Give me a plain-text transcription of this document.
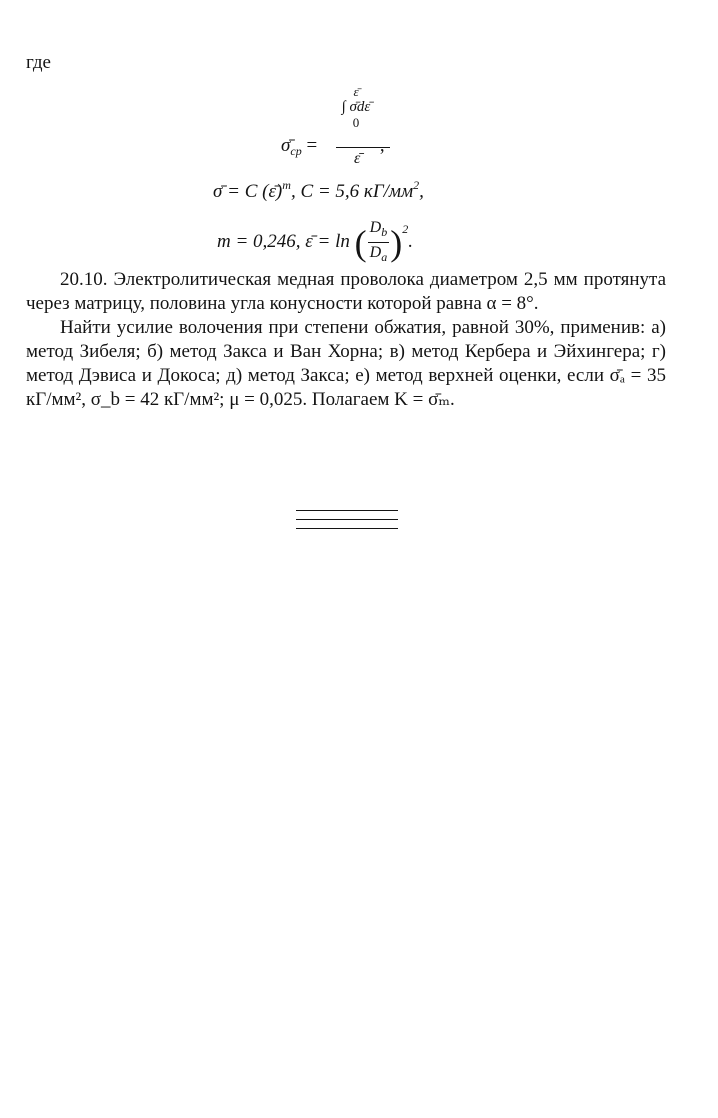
где
ε̄
∫ σ̄dε̄
0
ε̄
$\sigmā_{ср}$ =	,
σ̄ = C (ε̄)$^m$, C = 5,6 $кГ/мм^2$,
m = 0,246, ε̄ = ln ( $\frac{D_b}{D_a} )^2$.

20.10. Электролитическая медная проволока диаметром 2,5 мм протянута через матрицу, половина угла конусности которой равна α = 8°.

Найти усилие волочения при степени обжатия, равной 30%, применив: а) метод Зибеля; б) метод Закса и Ван Хорна; в) метод Кербера и Эйхингера; г) метод Дэвиса и Докоса; д) метод Закса; е) метод верхней оценки, если σ̄ₐ = 35 кГ/мм², σ_b = 42 кГ/мм²; μ = 0,025. Полагаем K = σ̄ₘ.
